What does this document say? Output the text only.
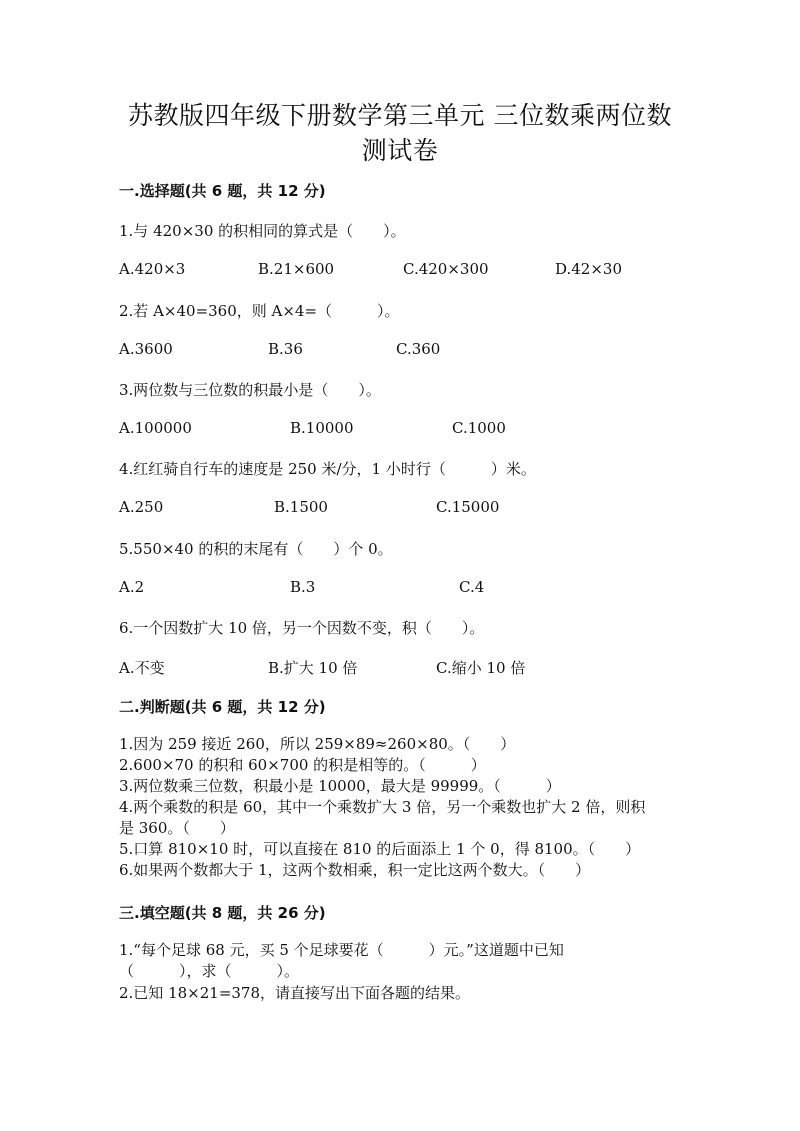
苏教版四年级下册数学第三单元 三位数乘两位数
测试卷
一.选择题(共 6 题，共 12 分)
1.与 420×30 的积相同的算式是（　　）。
A.420×3	B.21×600	C.420×300	D.42×30
2.若 A×40=360，则 A×4=（　　　）。
A.3600	B.36	C.360
3.两位数与三位数的积最小是（　　）。
A.100000	B.10000	C.1000
4.红红骑自行车的速度是 250 米/分，1 小时行（　　　）米。
A.250	B.1500	C.15000
5.550×40 的积的末尾有（　　）个 0。
A.2	B.3	C.4
6.一个因数扩大 10 倍，另一个因数不变，积（　　）。
A.不变	B.扩大 10 倍	C.缩小 10 倍
二.判断题(共 6 题，共 12 分)
1.因为 259 接近 260，所以 259×89≈260×80。（　　）
2.600×70 的积和 60×700 的积是相等的。（　　　）
3.两位数乘三位数，积最小是 10000，最大是 99999。（　　　）
4.两个乘数的积是 60，其中一个乘数扩大 3 倍，另一个乘数也扩大 2 倍，则积
是 360。（　　）
5.口算 810×10 时，可以直接在 810 的后面添上 1 个 0，得 8100。（　　）
6.如果两个数都大于 1，这两个数相乘，积一定比这两个数大。（　　）
三.填空题(共 8 题，共 26 分)
1.“每个足球 68 元，买 5 个足球要花（　　　）元。”这道题中已知
（　　　），求（　　　）。
2.已知 18×21=378，请直接写出下面各题的结果。
